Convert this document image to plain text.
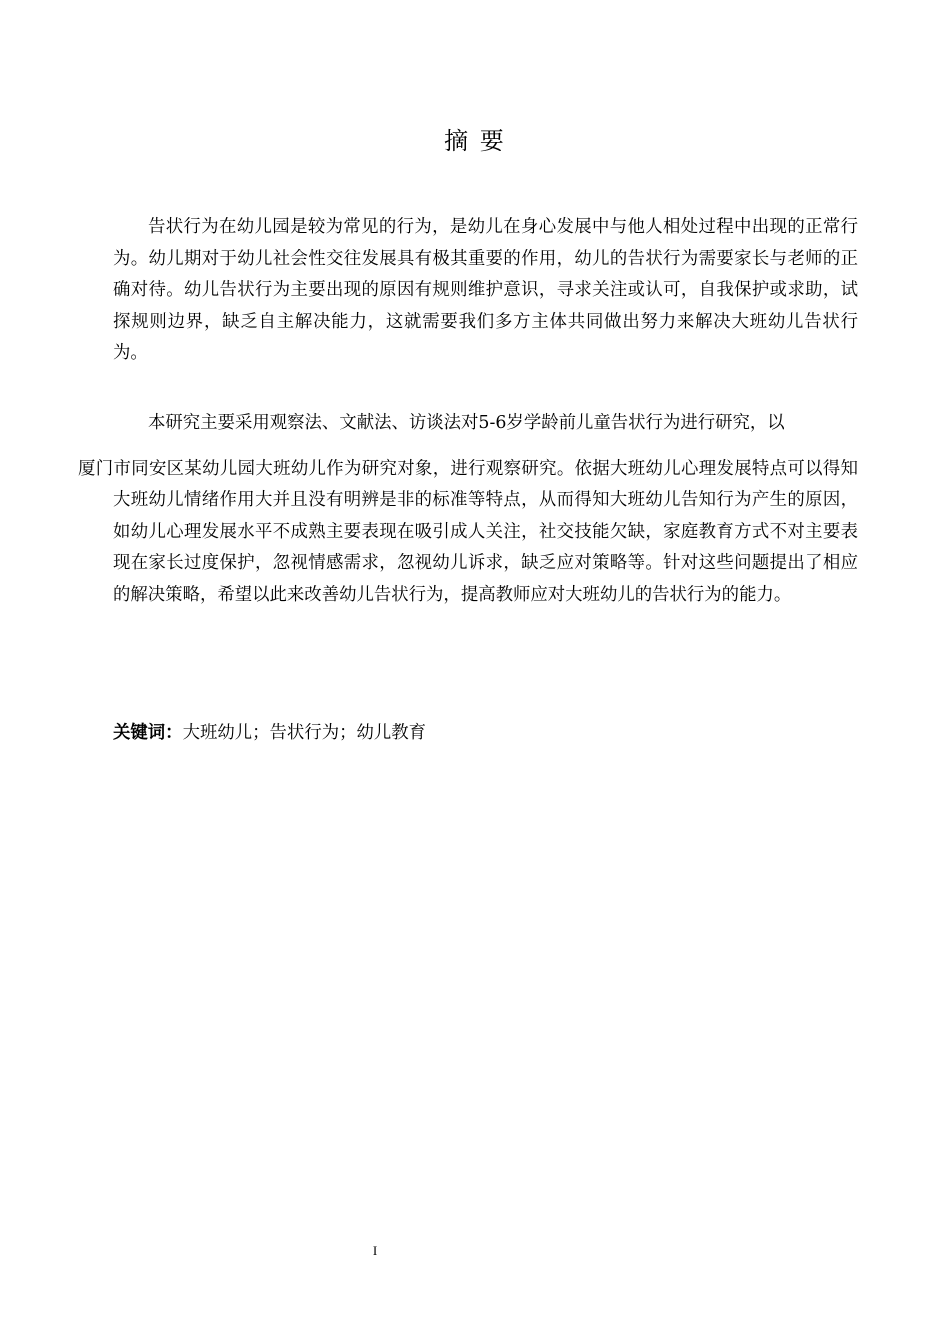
摘 要

告状行为在幼儿园是较为常见的行为，是幼儿在身心发展中与他人相处过程中出现的正常行为。幼儿期对于幼儿社会性交往发展具有极其重要的作用，幼儿的告状行为需要家长与老师的正确对待。幼儿告状行为主要出现的原因有规则维护意识，寻求关注或认可，自我保护或求助，试探规则边界，缺乏自主解决能力，这就需要我们多方主体共同做出努力来解决大班幼儿告状行为。

本研究主要采用观察法、文献法、访谈法对5-6岁学龄前儿童告状行为进行研究，以
厦门市同安区某幼儿园大班幼儿作为研究对象，进行观察研究。依据大班幼儿心理发展特点可以得知大班幼儿情绪作用大并且没有明辨是非的标准等特点，从而得知大班幼儿告知行为产生的原因，如幼儿心理发展水平不成熟主要表现在吸引成人关注，社交技能欠缺，家庭教育方式不对主要表现在家长过度保护，忽视情感需求，忽视幼儿诉求，缺乏应对策略等。针对这些问题提出了相应的解决策略，希望以此来改善幼儿告状行为，提高教师应对大班幼儿的告状行为的能力。

关键词：大班幼儿；告状行为；幼儿教育
I
